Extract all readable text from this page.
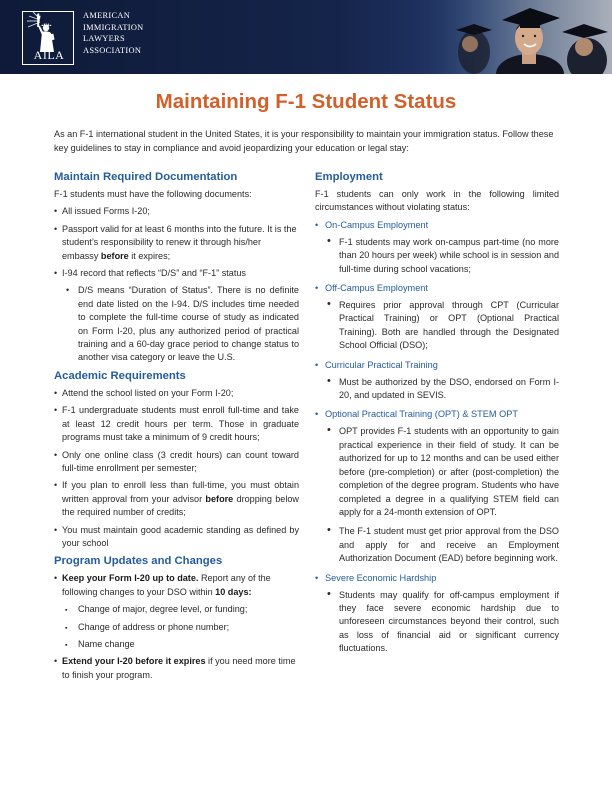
AILA
AMERICAN
IMMIGRATION
LAWYERS
ASSOCIATION
Maintaining F-1 Student Status
As an F-1 international student in the United States, it is your responsibility to maintain your immigration status. Follow these key guidelines to stay in compliance and avoid jeopardizing your education or legal stay:
Maintain Required Documentation

F-1 students must have the following documents:

• All issued Forms I-20;
• Passport valid for at least 6 months into the future. It is the student’s responsibility to renew it through his/her embassy before it expires;
• I-94 record that reflects “D/S” and “F-1” status
• D/S means “Duration of Status”. There is no definite end date listed on the I-94. D/S includes time needed to complete the full-time course of study as indicated on Form I-20, plus any authorized period of practical training and a 60-day grace period to change status to another visa category or leave the U.S.
Academic Requirements
• Attend the school listed on your Form I-20;
• F-1 undergraduate students must enroll full-time and take at least 12 credit hours per term. Those in graduate programs must take a minimum of 9 credit hours;
• Only one online class (3 credit hours) can count toward full-time enrollment per semester;
• If you plan to enroll less than full-time, you must obtain written approval from your advisor before dropping below the required number of credits;
• You must maintain good academic standing as defined by your school
Program Updates and Changes
• Keep your Form I-20 up to date. Report any of the following changes to your DSO within 10 days:
▪ Change of major, degree level, or funding;
▪ Change of address or phone number;
▪ Name change
• Extend your I-20 before it expires if you need more time to finish your program.
Employment

F-1 students can only work in the following limited circumstances without violating status:

• On-Campus Employment
• F-1 students may work on-campus part-time (no more than 20 hours per week) while school is in session and full-time during school vacations;
• Off-Campus Employment
• Requires prior approval through CPT (Curricular Practical Training) or OPT (Optional Practical Training). Both are handled through the Designated School Official (DSO);
• Curricular Practical Training
• Must be authorized by the DSO, endorsed on Form I-20, and updated in SEVIS.
• Optional Practical Training (OPT) & STEM OPT
• OPT provides F-1 students with an opportunity to gain practical experience in their field of study. It can be authorized for up to 12 months and can be used either before (pre-completion) or after (post-completion) the completion of the degree program. Students who have completed a degree in a qualifying STEM field can apply for a 24-month extension of OPT.
• The F-1 student must get prior approval from the DSO and apply for and receive an Employment Authorization Document (EAD) before beginning work.
• Severe Economic Hardship
• Students may qualify for off-campus employment if they face severe economic hardship due to unforeseen circumstances beyond their control, such as loss of financial aid or significant currency fluctuations.
